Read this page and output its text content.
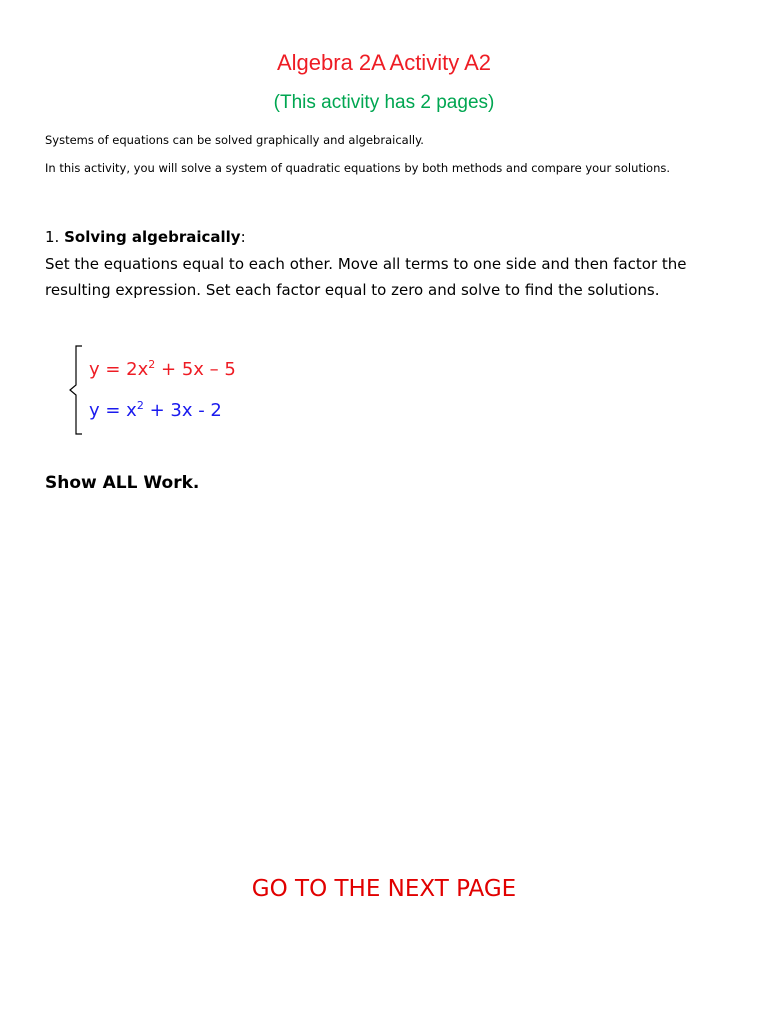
Algebra 2A Activity A2
(This activity has 2 pages)
Systems of equations can be solved graphically and algebraically.
In this activity, you will solve a system of quadratic equations by both methods and compare your solutions.
1. Solving algebraically:
Set the equations equal to each other. Move all terms to one side and then factor the resulting expression. Set each factor equal to zero and solve to find the solutions.
$y = 2x^2 + 5x - 5$
$y = x^2 + 3x - 2$
Show ALL Work.
GO TO THE NEXT PAGE
